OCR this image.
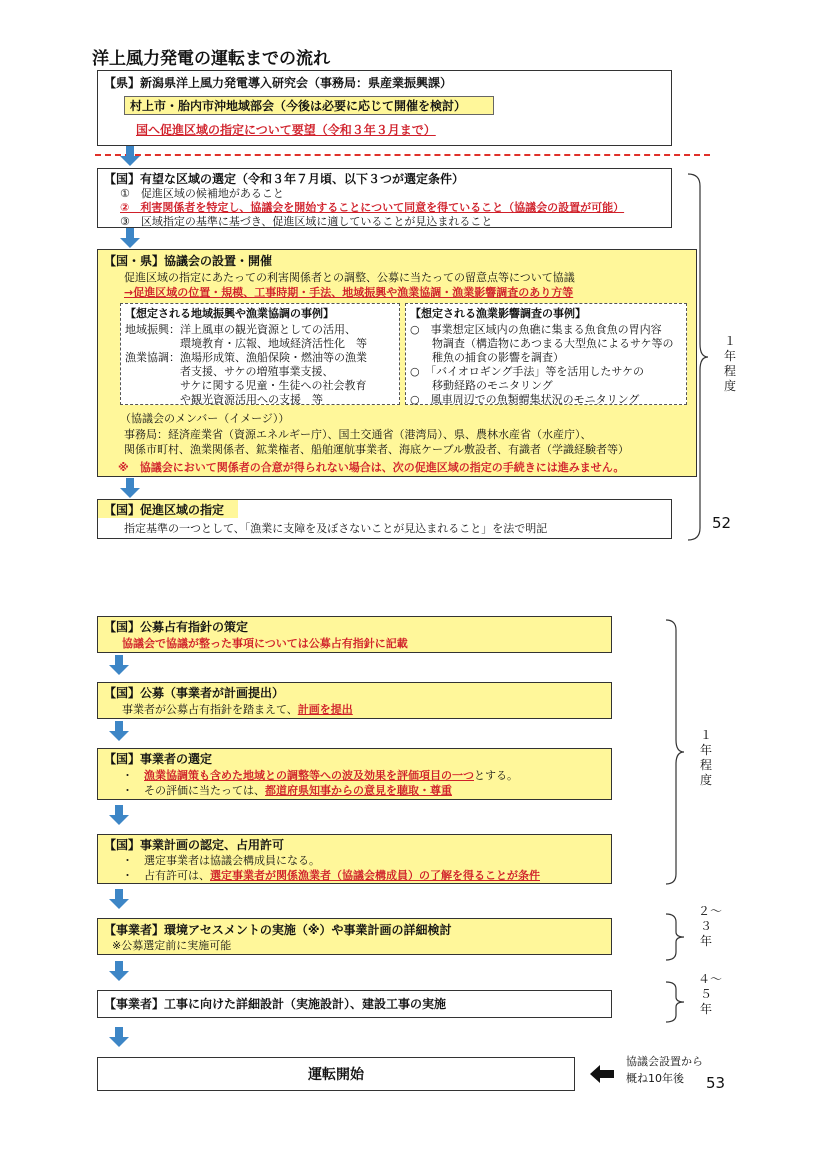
洋上風力発電の運転までの流れ
【県】新潟県洋上風力発電導入研究会（事務局：県産業振興課）
村上市・胎内市沖地域部会（今後は必要に応じて開催を検討）
国へ促進区域の指定について要望（令和３年３月まで）
【国】有望な区域の選定（令和３年７月頃、以下３つが選定条件）
①　促進区域の候補地があること
②　利害関係者を特定し、協議会を開始することについて同意を得ていること（協議会の設置が可能）
③　区域指定の基準に基づき、促進区域に適していることが見込まれること
【国・県】協議会の設置・開催
促進区域の指定にあたっての利害関係者との調整、公募に当たっての留意点等について協議
→促進区域の位置・規模、工事時期・手法、地域振興や漁業協調・漁業影響調査のあり方等
【想定される地域振興や漁業協調の事例】
地域振興：洋上風車の観光資源としての活用、
　　　　　環境教育・広報、地域経済活性化　等
漁業協調：漁場形成策、漁船保険・燃油等の漁業
　　　　　者支援、サケの増殖事業支援、
　　　　　サケに関する児童・生徒への社会教育
　　　　　や観光資源活用への支援　等
【想定される漁業影響調査の事例】
○　事業想定区域内の魚礁に集まる魚食魚の胃内容
　　物調査（構造物にあつまる大型魚によるサケ等の
　　稚魚の捕食の影響を調査）
○　「バイオロギング手法」等を活用したサケの
　　移動経路のモニタリング
○　風車周辺での魚類蝟集状況のモニタリング
（協議会のメンバー（イメージ））
事務局：経済産業省（資源エネルギー庁）、国土交通省（港湾局）、県、農林水産省（水産庁）、
関係市町村、漁業関係者、鉱業権者、船舶運航事業者、海底ケーブル敷設者、有識者（学識経験者等）
※　協議会において関係者の合意が得られない場合は、次の促進区域の指定の手続きには進みません。
【国】促進区域の指定
指定基準の一つとして、「漁業に支障を及ぼさないことが見込まれること」を法で明記
１年程度
52
【国】公募占有指針の策定
協議会で協議が整った事項については公募占有指針に記載
【国】公募（事業者が計画提出）
事業者が公募占有指針を踏まえて、計画を提出
【国】事業者の選定
・　漁業協調策も含めた地域との調整等への波及効果を評価項目の一つとする。
・　その評価に当たっては、都道府県知事からの意見を聴取・尊重
【国】事業計画の認定、占用許可
・　選定事業者は協議会構成員になる。
・　占有許可は、選定事業者が関係漁業者（協議会構成員）の了解を得ることが条件
【事業者】環境アセスメントの実施（※）や事業計画の詳細検討
※公募選定前に実施可能
【事業者】工事に向けた詳細設計（実施設計）、建設工事の実施
運転開始
協議会設置から
概ね10年後 53
１年程度
２〜３年
４〜５年
